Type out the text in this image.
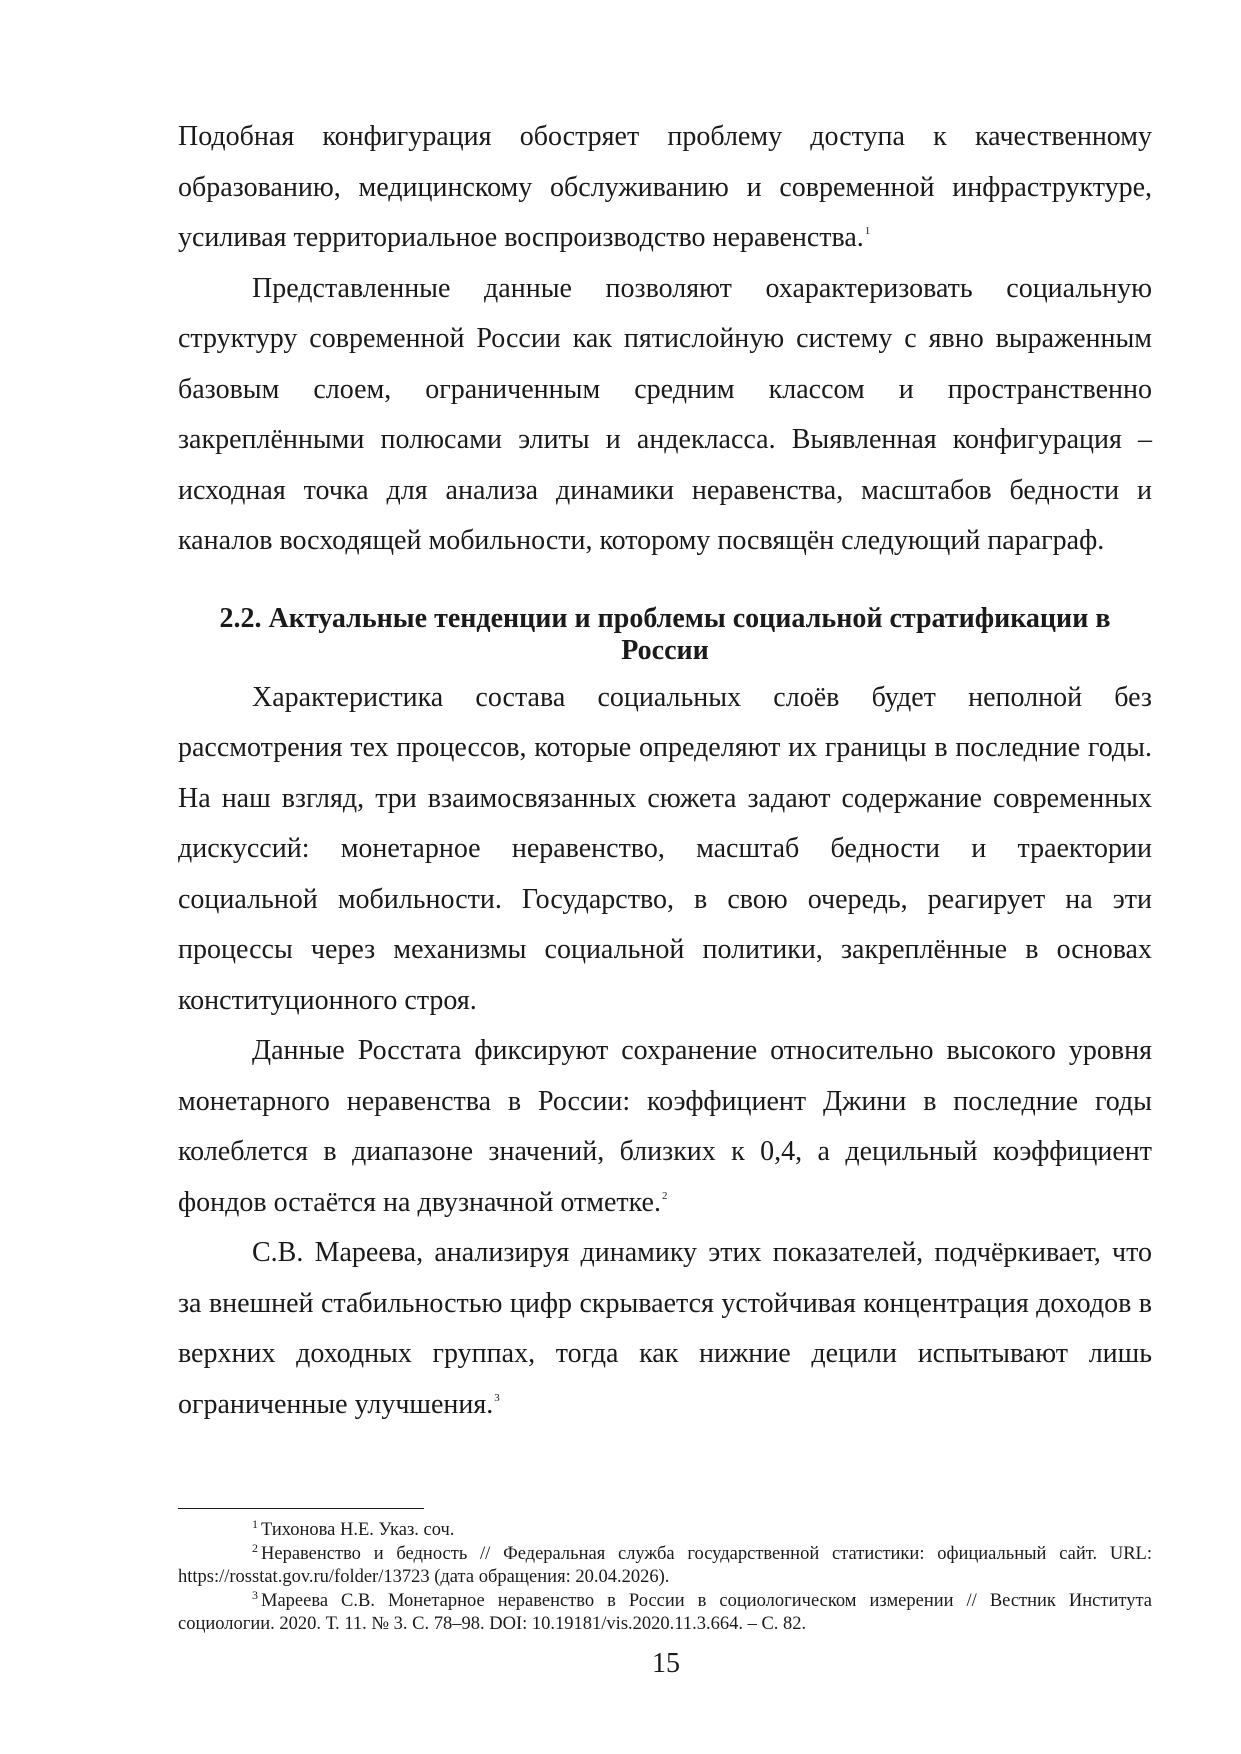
Подобная конфигурация обостряет проблему доступа к качественному образованию, медицинскому обслуживанию и современной инфраструктуре, усиливая территориальное воспроизводство неравенства.$^1$

Представленные данные позволяют охарактеризовать социальную структуру современной России как пятислойную систему с явно выраженным базовым слоем, ограниченным средним классом и пространственно закреплёнными полюсами элиты и андекласса. Выявленная конфигурация – исходная точка для анализа динамики неравенства, масштабов бедности и каналов восходящей мобильности, которому посвящён следующий параграф.

2.2. Актуальные тенденции и проблемы социальной стратификации в России

Характеристика состава социальных слоёв будет неполной без рассмотрения тех процессов, которые определяют их границы в последние годы. На наш взгляд, три взаимосвязанных сюжета задают содержание современных дискуссий: монетарное неравенство, масштаб бедности и траектории социальной мобильности. Государство, в свою очередь, реагирует на эти процессы через механизмы социальной политики, закреплённые в основах конституционного строя.

Данные Росстата фиксируют сохранение относительно высокого уровня монетарного неравенства в России: коэффициент Джини в последние годы колеблется в диапазоне значений, близких к 0,4, а децильный коэффициент фондов остаётся на двузначной отметке.$^2$

С.В. Мареева, анализируя динамику этих показателей, подчёркивает, что за внешней стабильностью цифр скрывается устойчивая концентрация доходов в верхних доходных группах, тогда как нижние децили испытывают лишь ограниченные улучшения.$^3$

$^1$ Тихонова Н.Е. Указ. соч.

$^2$ Неравенство и бедность // Федеральная служба государственной статистики: официальный сайт. URL: https://rosstat.gov.ru/folder/13723 (дата обращения: 20.04.2026).

$^3$ Мареева С.В. Монетарное неравенство в России в социологическом измерении // Вестник Института социологии. 2020. Т. 11. № 3. С. 78–98. DOI: 10.19181/vis.2020.11.3.664. – С. 82.

15
